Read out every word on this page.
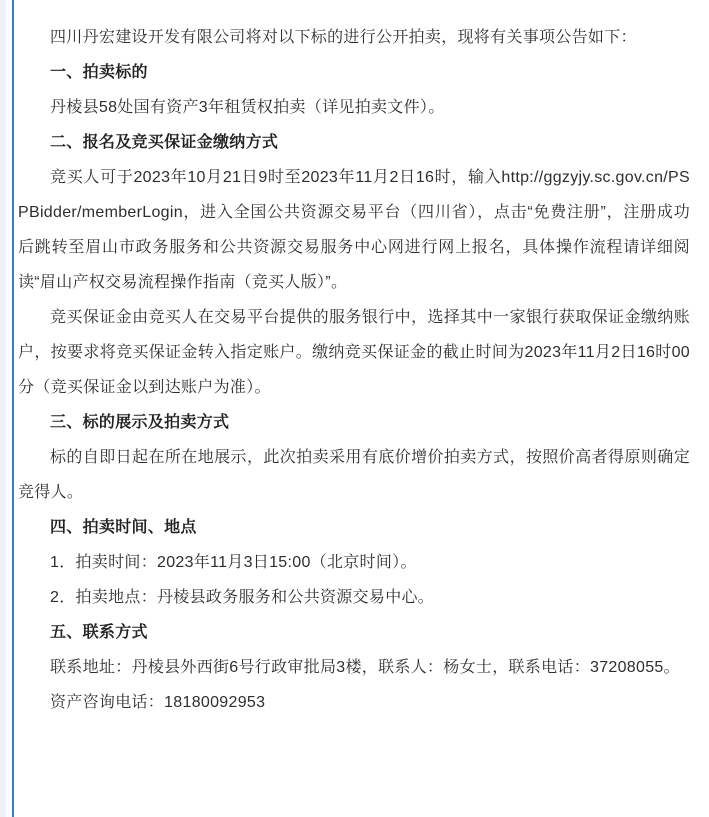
四川丹宏建设开发有限公司将对以下标的进行公开拍卖，现将有关事项公告如下：

一、拍卖标的

丹棱县58处国有资产3年租赁权拍卖（详见拍卖文件）。

二、报名及竞买保证金缴纳方式

竞买人可于2023年10月21日9时至2023年11月2日16时，输入http://ggzyjy.sc.gov.cn/PSPBidder/memberLogin，进入全国公共资源交易平台（四川省），点击“免费注册”，注册成功后跳转至眉山市政务服务和公共资源交易服务中心网进行网上报名，具体操作流程请详细阅读“眉山产权交易流程操作指南（竞买人版）”。

竞买保证金由竞买人在交易平台提供的服务银行中，选择其中一家银行获取保证金缴纳账户，按要求将竞买保证金转入指定账户。缴纳竞买保证金的截止时间为2023年11月2日16时00分（竞买保证金以到达账户为准）。

三、标的展示及拍卖方式

标的自即日起在所在地展示，此次拍卖采用有底价增价拍卖方式，按照价高者得原则确定竞得人。

四、拍卖时间、地点

1．拍卖时间：2023年11月3日15:00（北京时间）。

2．拍卖地点：丹棱县政务服务和公共资源交易中心。

五、联系方式

联系地址：丹棱县外西街6号行政审批局3楼，联系人：杨女士，联系电话：37208055。

资产咨询电话：18180092953
